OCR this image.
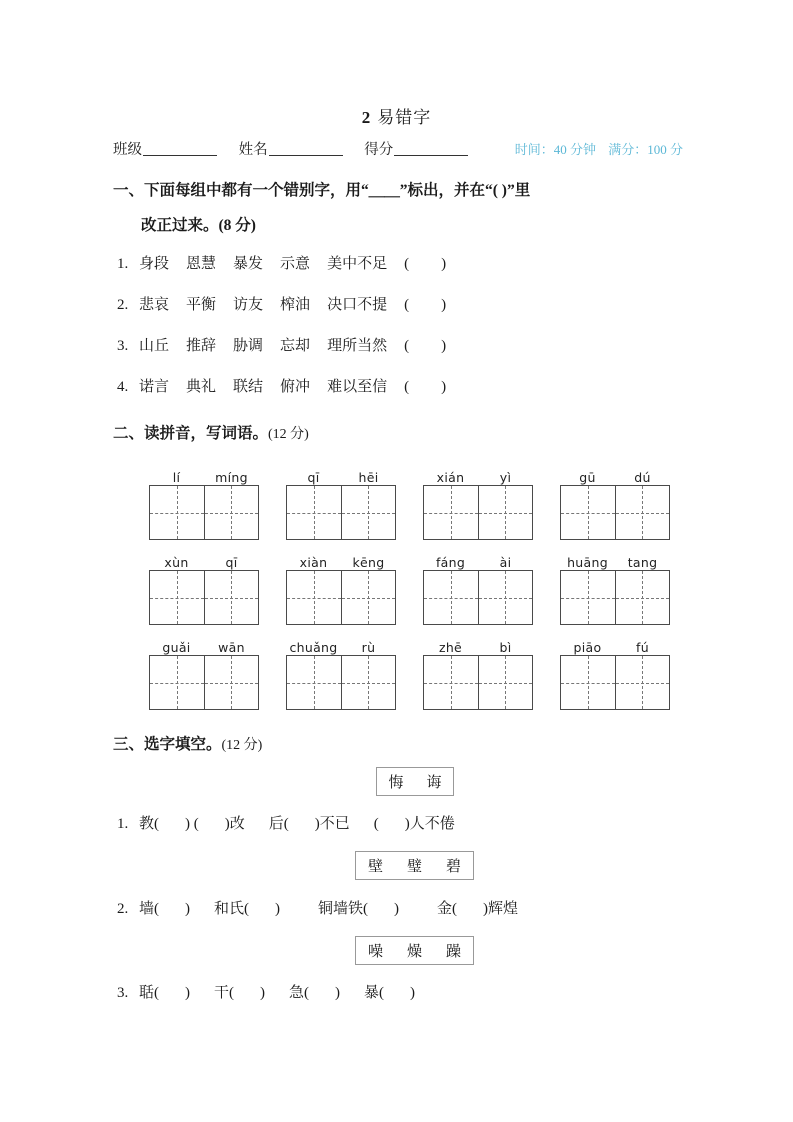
2 易错字
班级	姓名	得分	时间：40 分钟 满分：100 分
一、下面每组中都有一个错别字，用“＿＿”标出，并在“( )”里
改正过来。(8 分)
1. 身段 恩慧 暴发 示意 美中不足 ( )
2. 悲哀 平衡 访友 榨油 决口不提 ( )
3. 山丘 推辞 胁调 忘却 理所当然 ( )
4. 诺言 典礼 联结 俯冲 难以至信 ( )
二、读拼音，写词语。(12 分)
lí	míng	qī	hēi	xián	yì	gū	dú
xùn	qī	xiàn	kēng	fáng	ài	huāng	tang
guǎi	wān	chuǎng	rù	zhē	bì	piāo	fú
三、选字填空。(12 分)
悔	诲
1. 教( ) ( )改 后( )不已 ( )人不倦
壁	璧	碧
2. 墙( ) 和氏( )	铜墙铁( )	金( )辉煌
噪	燥	躁
3. 聒( ) 干( ) 急( ) 暴( )
